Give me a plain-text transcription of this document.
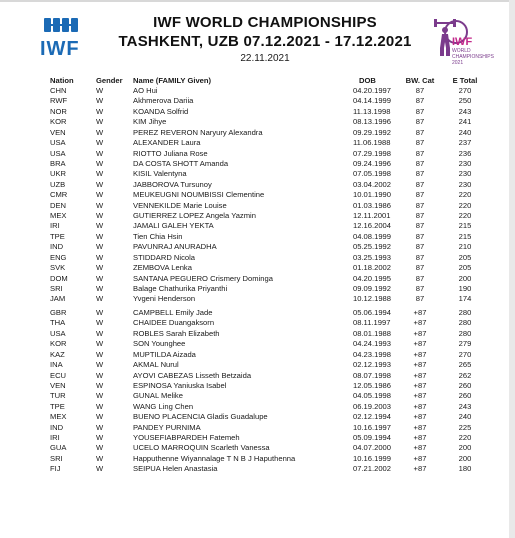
IWF
IWF WORLD CHAMPIONSHIPS
TASHKENT, UZB 07.12.2021 - 17.12.2021
22.11.2021
IWF
WORLD CHAMPIONSHIPS 2021
Nation	Gender	Name (FAMILY Given)	DOB	BW. Cat	E Total
CHN	W	AO Hui	04.20.1997	87	270
RWF	W	Akhmerova Dariia	04.14.1999	87	250
NOR	W	KOANDA Solfrid	11.13.1998	87	243
KOR	W	KIM Jihye	08.13.1996	87	241
VEN	W	PEREZ REVERON Naryury Alexandra	09.29.1992	87	240
USA	W	ALEXANDER Laura	11.06.1988	87	237
USA	W	RIOTTO Juliana Rose	07.29.1998	87	236
BRA	W	DA COSTA SHOTT Amanda	09.24.1996	87	230
UKR	W	KISIL Valentyna	07.05.1998	87	230
UZB	W	JABBOROVA Tursunoy	03.04.2002	87	230
CMR	W	MEUKEUGNI NOUMBISSI Clementine	10.01.1990	87	220
DEN	W	VENNEKILDE Marie Louise	01.03.1986	87	220
MEX	W	GUTIERREZ LOPEZ Angela Yazmin	12.11.2001	87	220
IRI	W	JAMALI GALEH YEKTA	12.16.2004	87	215
TPE	W	Tien Chia Hsin	04.08.1999	87	215
IND	W	PAVUNRAJ ANURADHA	05.25.1992	87	210
ENG	W	STIDDARD Nicola	03.25.1993	87	205
SVK	W	ZEMBOVA Lenka	01.18.2002	87	205
DOM	W	SANTANA PEGUERO Crismery Dominga	04.20.1995	87	200
SRI	W	Balage Chathurika Priyanthi	09.09.1992	87	190
JAM	W	Yvgeni Henderson	10.12.1988	87	174
GBR	W	CAMPBELL Emily Jade	05.06.1994	+87	280
THA	W	CHAIDEE Duangaksorn	08.11.1997	+87	280
USA	W	ROBLES Sarah Elizabeth	08.01.1988	+87	280
KOR	W	SON Younghee	04.24.1993	+87	279
KAZ	W	MUPTILDA Aizada	04.23.1998	+87	270
INA	W	AKMAL Nurul	02.12.1993	+87	265
ECU	W	AYOVI CABEZAS Lisseth Betzaida	08.07.1998	+87	262
VEN	W	ESPINOSA Yaniuska Isabel	12.05.1986	+87	260
TUR	W	GUNAL Melike	04.05.1998	+87	260
TPE	W	WANG Ling Chen	06.19.2003	+87	243
MEX	W	BUENO PLACENCIA Gladis Guadalupe	02.12.1994	+87	240
IND	W	PANDEY PURNIMA	10.16.1997	+87	225
IRI	W	YOUSEFIABPARDEH Fatemeh	05.09.1994	+87	220
GUA	W	UCELO MARROQUIN Scarleth Vanessa	04.07.2000	+87	200
SRI	W	Happuthenne Wiyannalage T N B J Haputhenna	10.16.1999	+87	200
FIJ	W	SEIPUA Helen Anastasia	07.21.2002	+87	180
